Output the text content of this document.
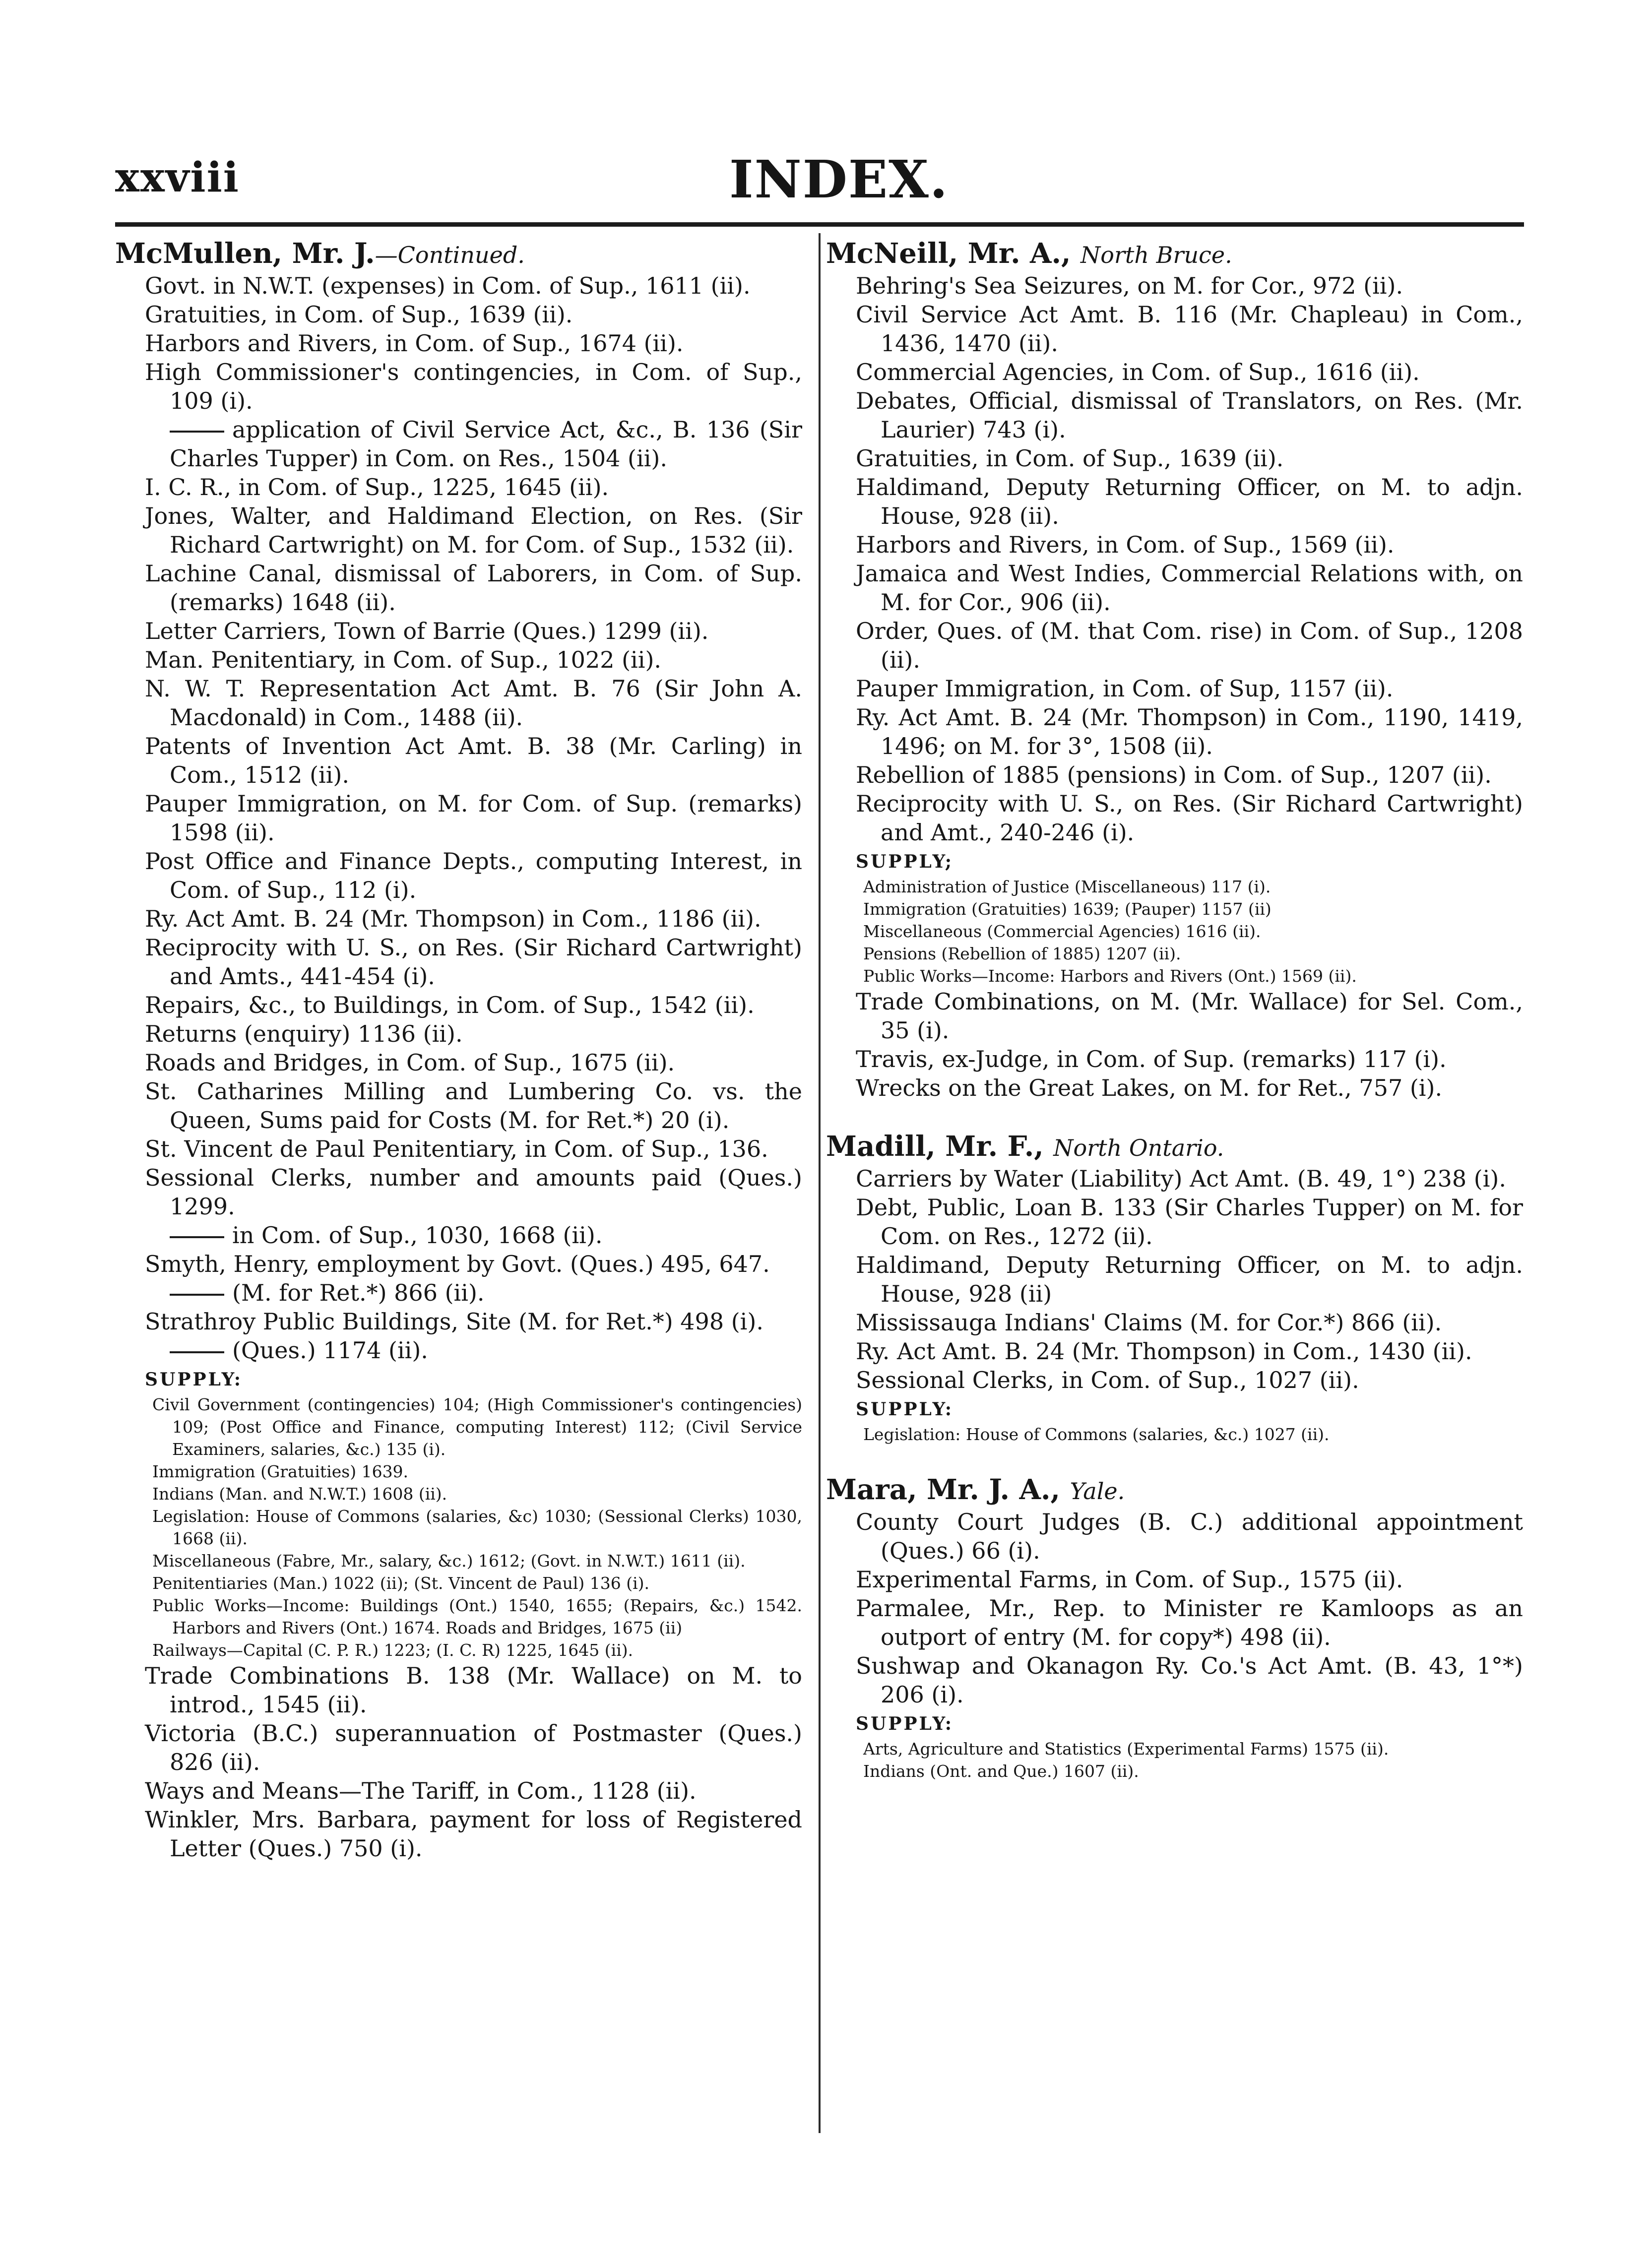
xxviii	INDEX.
McMullen, Mr. J.—Continued.
Govt. in N.W.T. (expenses) in Com. of Sup., 1611 (ii).
Gratuities, in Com. of Sup., 1639 (ii).
Harbors and Rivers, in Com. of Sup., 1674 (ii).
High Commissioner's contingencies, in Com. of Sup., 109 (i).
application of Civil Service Act, &c., B. 136 (Sir Charles Tupper) in Com. on Res., 1504 (ii).
I. C. R., in Com. of Sup., 1225, 1645 (ii).
Jones, Walter, and Haldimand Election, on Res. (Sir Richard Cartwright) on M. for Com. of Sup., 1532 (ii).
Lachine Canal, dismissal of Laborers, in Com. of Sup. (remarks) 1648 (ii).
Letter Carriers, Town of Barrie (Ques.) 1299 (ii).
Man. Penitentiary, in Com. of Sup., 1022 (ii).
N. W. T. Representation Act Amt. B. 76 (Sir John A. Macdonald) in Com., 1488 (ii).
Patents of Invention Act Amt. B. 38 (Mr. Carling) in Com., 1512 (ii).
Pauper Immigration, on M. for Com. of Sup. (remarks) 1598 (ii).
Post Office and Finance Depts., computing Interest, in Com. of Sup., 112 (i).
Ry. Act Amt. B. 24 (Mr. Thompson) in Com., 1186 (ii).
Reciprocity with U. S., on Res. (Sir Richard Cartwright) and Amts., 441-454 (i).
Repairs, &c., to Buildings, in Com. of Sup., 1542 (ii).
Returns (enquiry) 1136 (ii).
Roads and Bridges, in Com. of Sup., 1675 (ii).
St. Catharines Milling and Lumbering Co. vs. the Queen, Sums paid for Costs (M. for Ret.*) 20 (i).
St. Vincent de Paul Penitentiary, in Com. of Sup., 136.
Sessional Clerks, number and amounts paid (Ques.) 1299.
in Com. of Sup., 1030, 1668 (ii).
Smyth, Henry, employment by Govt. (Ques.) 495, 647.
(M. for Ret.*) 866 (ii).
Strathroy Public Buildings, Site (M. for Ret.*) 498 (i).
(Ques.) 1174 (ii).
SUPPLY:
Civil Government (contingencies) 104; (High Commissioner's contingencies) 109; (Post Office and Finance, computing Interest) 112; (Civil Service Examiners, salaries, &c.) 135 (i).
Immigration (Gratuities) 1639.
Indians (Man. and N.W.T.) 1608 (ii).
Legislation: House of Commons (salaries, &c) 1030; (Sessional Clerks) 1030, 1668 (ii).
Miscellaneous (Fabre, Mr., salary, &c.) 1612; (Govt. in N.W.T.) 1611 (ii).
Penitentiaries (Man.) 1022 (ii); (St. Vincent de Paul) 136 (i).
Public Works—Income: Buildings (Ont.) 1540, 1655; (Repairs, &c.) 1542. Harbors and Rivers (Ont.) 1674. Roads and Bridges, 1675 (ii)
Railways—Capital (C. P. R.) 1223; (I. C. R) 1225, 1645 (ii).
Trade Combinations B. 138 (Mr. Wallace) on M. to introd., 1545 (ii).
Victoria (B.C.) superannuation of Postmaster (Ques.) 826 (ii).
Ways and Means—The Tariff, in Com., 1128 (ii).
Winkler, Mrs. Barbara, payment for loss of Registered Letter (Ques.) 750 (i).
McNeill, Mr. A., North Bruce.
Behring's Sea Seizures, on M. for Cor., 972 (ii).
Civil Service Act Amt. B. 116 (Mr. Chapleau) in Com., 1436, 1470 (ii).
Commercial Agencies, in Com. of Sup., 1616 (ii).
Debates, Official, dismissal of Translators, on Res. (Mr. Laurier) 743 (i).
Gratuities, in Com. of Sup., 1639 (ii).
Haldimand, Deputy Returning Officer, on M. to adjn. House, 928 (ii).
Harbors and Rivers, in Com. of Sup., 1569 (ii).
Jamaica and West Indies, Commercial Relations with, on M. for Cor., 906 (ii).
Order, Ques. of (M. that Com. rise) in Com. of Sup., 1208 (ii).
Pauper Immigration, in Com. of Sup, 1157 (ii).
Ry. Act Amt. B. 24 (Mr. Thompson) in Com., 1190, 1419, 1496; on M. for 3°, 1508 (ii).
Rebellion of 1885 (pensions) in Com. of Sup., 1207 (ii).
Reciprocity with U. S., on Res. (Sir Richard Cartwright) and Amt., 240-246 (i).
SUPPLY;
Administration of Justice (Miscellaneous) 117 (i).
Immigration (Gratuities) 1639; (Pauper) 1157 (ii)
Miscellaneous (Commercial Agencies) 1616 (ii).
Pensions (Rebellion of 1885) 1207 (ii).
Public Works—Income: Harbors and Rivers (Ont.) 1569 (ii).
Trade Combinations, on M. (Mr. Wallace) for Sel. Com., 35 (i).
Travis, ex-Judge, in Com. of Sup. (remarks) 117 (i).
Wrecks on the Great Lakes, on M. for Ret., 757 (i).
Madill, Mr. F., North Ontario.
Carriers by Water (Liability) Act Amt. (B. 49, 1°) 238 (i).
Debt, Public, Loan B. 133 (Sir Charles Tupper) on M. for Com. on Res., 1272 (ii).
Haldimand, Deputy Returning Officer, on M. to adjn. House, 928 (ii)
Mississauga Indians' Claims (M. for Cor.*) 866 (ii).
Ry. Act Amt. B. 24 (Mr. Thompson) in Com., 1430 (ii).
Sessional Clerks, in Com. of Sup., 1027 (ii).
SUPPLY:
Legislation: House of Commons (salaries, &c.) 1027 (ii).
Mara, Mr. J. A., Yale.
County Court Judges (B. C.) additional appointment (Ques.) 66 (i).
Experimental Farms, in Com. of Sup., 1575 (ii).
Parmalee, Mr., Rep. to Minister re Kamloops as an outport of entry (M. for copy*) 498 (ii).
Sushwap and Okanagon Ry. Co.'s Act Amt. (B. 43, 1°*) 206 (i).
SUPPLY:
Arts, Agriculture and Statistics (Experimental Farms) 1575 (ii).
Indians (Ont. and Que.) 1607 (ii).
